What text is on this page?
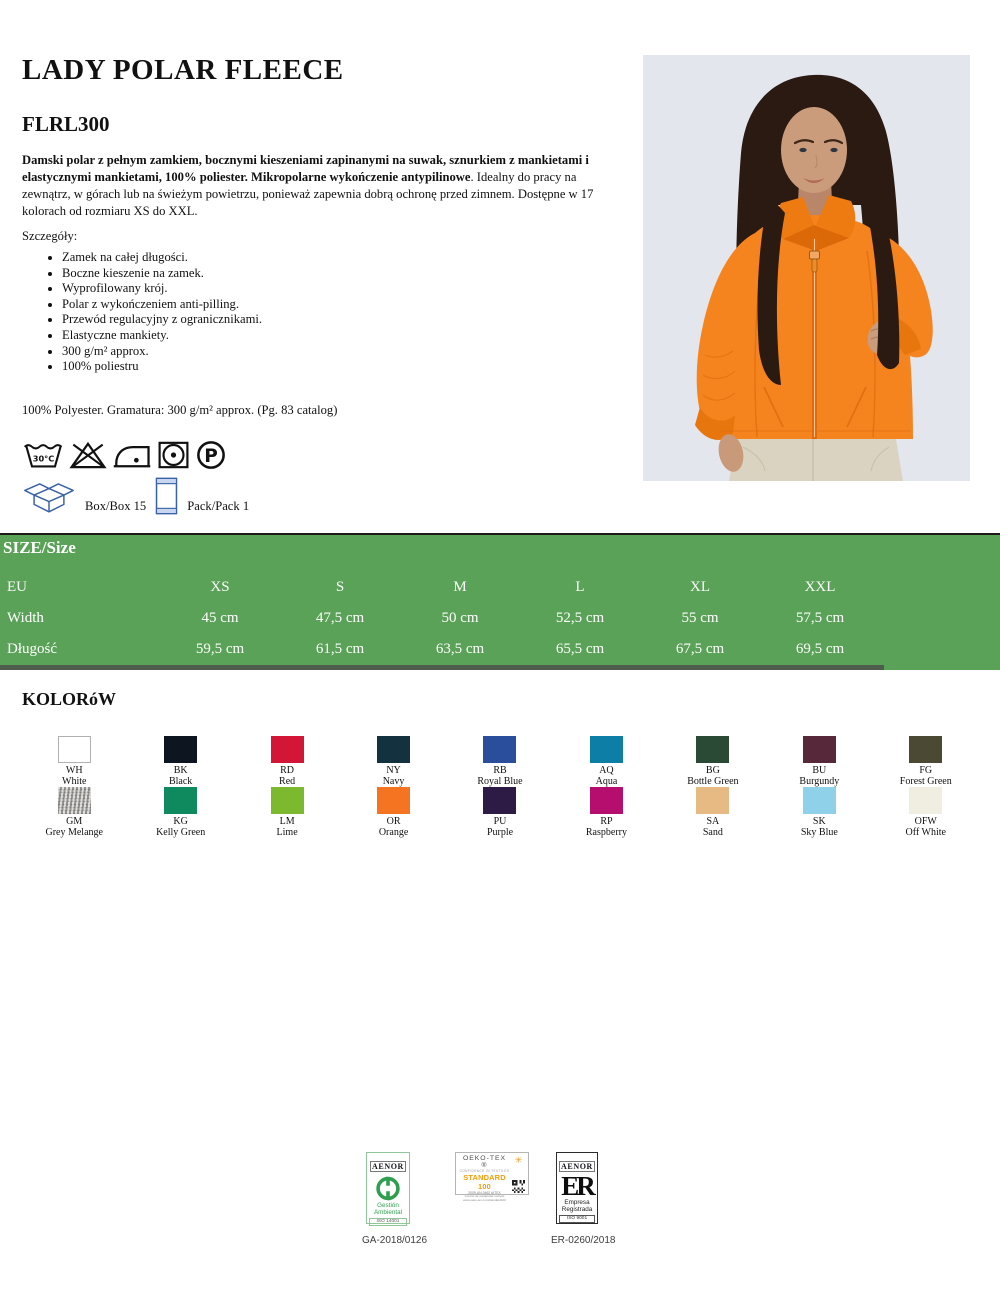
LADY POLAR FLEECE
FLRL300

Damski polar z pełnym zamkiem, bocznymi kieszeniami zapinanymi na suwak, sznurkiem z mankietami i elastycznymi mankietami, 100% poliester. Mikropolarne wykończenie antypilinowe. Idealny do pracy na zewnątrz, w górach lub na świeżym powietrzu, ponieważ zapewnia dobrą ochronę przed zimnem. Dostępne w 17 kolorach od rozmiaru XS do XXL.

Szczegóły:
• Zamek na całej długości.
• Boczne kieszenie na zamek.
• Wyprofilowany krój.
• Polar z wykończeniem anti-pilling.
• Przewód regulacyjny z ogranicznikami.
• Elastyczne mankiety.
• 300 g/m² approx.
• 100% poliestru

100% Polyester. Gramatura: 300 g/m² approx. (Pg. 83 catalog)

30°C	P
Box/Box 15	Pack/Pack 1
SIZE/Size
EU	XS	S	M	L	XL	XXL
Width	45 cm	47,5 cm	50 cm	52,5 cm	55 cm	57,5 cm
Długość	59,5 cm	61,5 cm	63,5 cm	65,5 cm	67,5 cm	69,5 cm
KOLORóW
WH
White
BK
Black
RD
Red
NY
Navy
RB
Royal Blue
AQ
Aqua
BG
Bottle Green
BU
Burgundy
FG
Forest Green
GM
Grey Melange
KG
Kelly Green
LM
Lime
OR
Orange
PU
Purple
RP
Raspberry
SA
Sand
SK
Sky Blue
OFW
Off White
AENOR
Gestión
Ambiental
ISO 14001
OEKO-TEX ®
CONFIDENCE IN TEXTILES
STANDARD 100
2009-AN-0462 AITEX
Control de sustancias nocivas
www.oeko-tex.com/standard100
✳
AENOR
ER
Empresa
Registrada
ISO 9001
GA-2018/0126	ER-0260/2018
